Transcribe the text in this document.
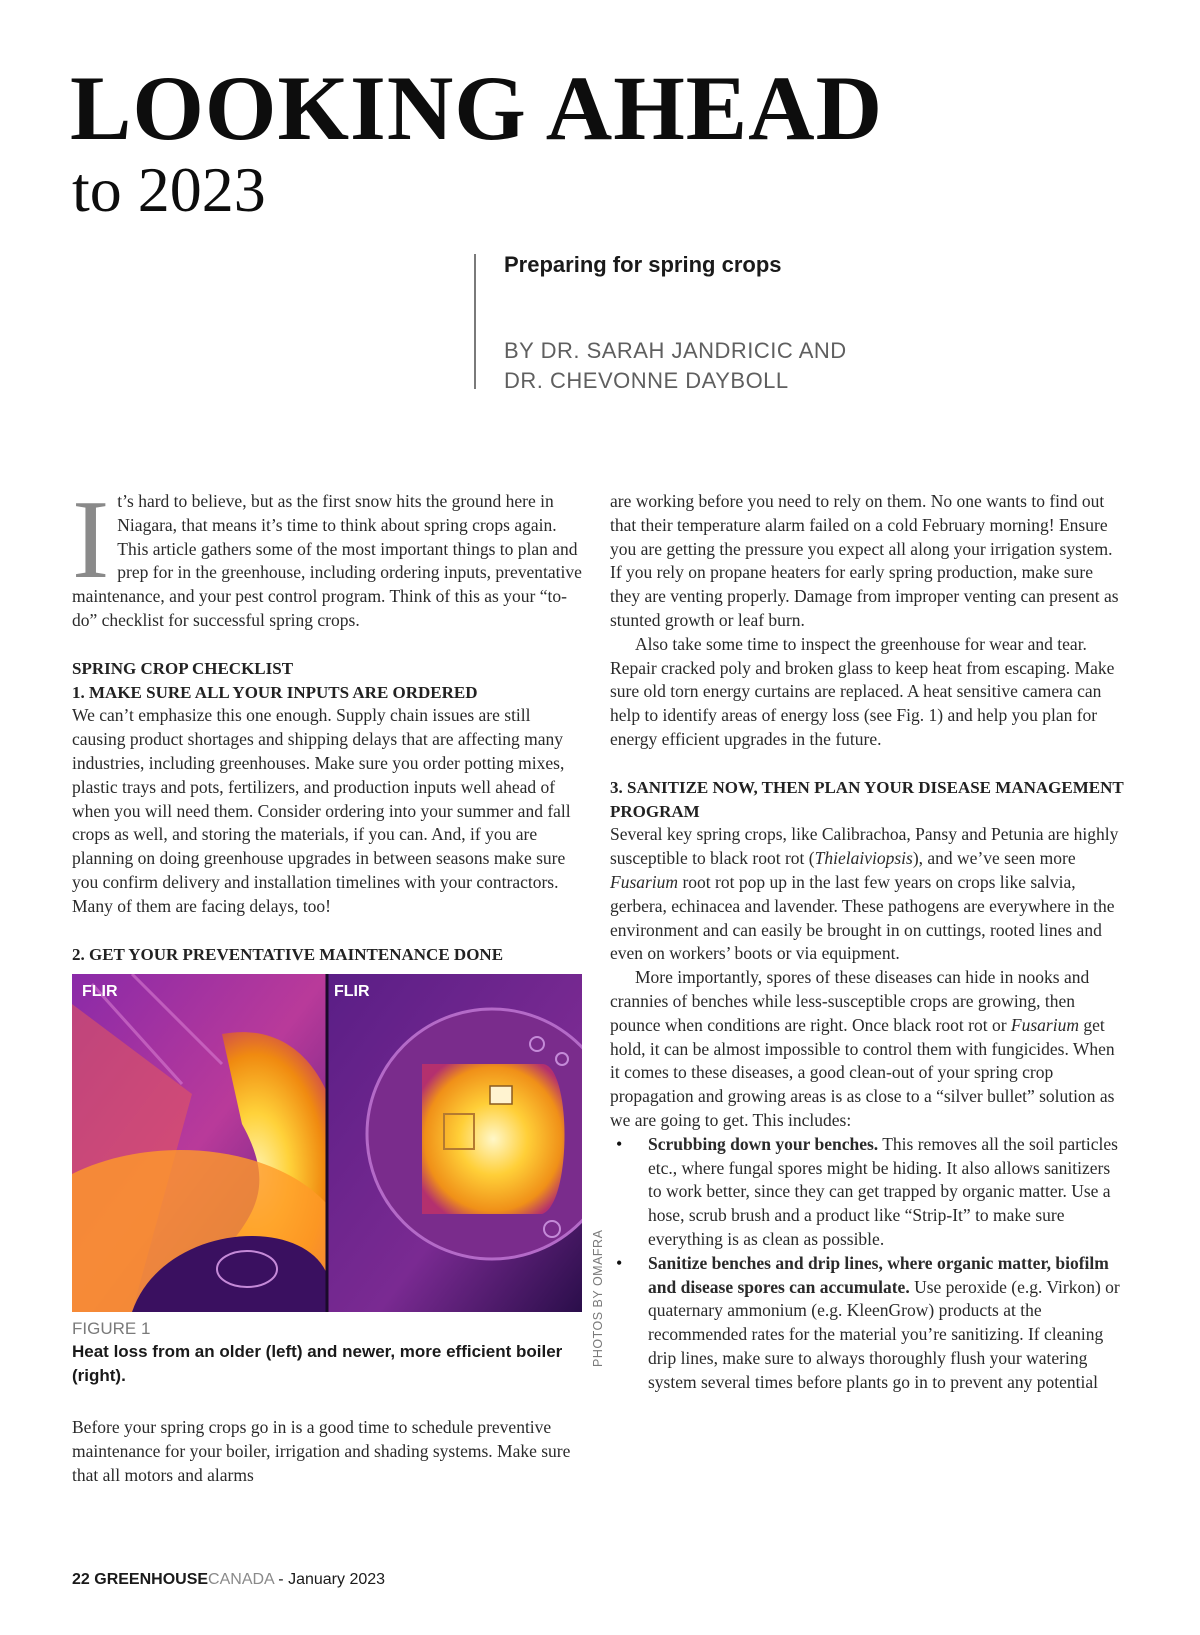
LOOKING AHEAD
to 2023

Preparing for spring crops

BY DR. SARAH JANDRICIC AND
DR. CHEVONNE DAYBOLL

It’s hard to believe, but as the first snow hits the ground here in Niagara, that means it’s time to think about spring crops again. This article gathers some of the most important things to plan and prep for in the greenhouse, including ordering inputs, preventative maintenance, and your pest control program. Think of this as your “to-do” checklist for successful spring crops.

SPRING CROP CHECKLIST

1. MAKE SURE ALL YOUR INPUTS ARE ORDERED

We can’t emphasize this one enough. Supply chain issues are still causing product shortages and shipping delays that are affecting many industries, including greenhouses. Make sure you order potting mixes, plastic trays and pots, fertilizers, and production inputs well ahead of when you will need them. Consider ordering into your summer and fall crops as well, and storing the materials, if you can. And, if you are planning on doing greenhouse upgrades in between seasons make sure you confirm delivery and installation timelines with your contractors. Many of them are facing delays, too!

2. GET YOUR PREVENTATIVE MAINTENANCE DONE

FLIR	FLIR
FIGURE 1
Heat loss from an older (left) and newer, more efficient boiler (right).

Before your spring crops go in is a good time to schedule preventive maintenance for your boiler, irrigation and shading systems. Make sure that all motors and alarms

PHOTOS BY OMAFRA

are working before you need to rely on them. No one wants to find out that their temperature alarm failed on a cold February morning! Ensure you are getting the pressure you expect all along your irrigation system. If you rely on propane heaters for early spring production, make sure they are venting properly. Damage from improper venting can present as stunted growth or leaf burn.

Also take some time to inspect the greenhouse for wear and tear. Repair cracked poly and broken glass to keep heat from escaping. Make sure old torn energy curtains are replaced. A heat sensitive camera can help to identify areas of energy loss (see Fig. 1) and help you plan for energy efficient upgrades in the future.

3. SANITIZE NOW, THEN PLAN YOUR DISEASE MANAGEMENT PROGRAM

Several key spring crops, like Calibrachoa, Pansy and Petunia are highly susceptible to black root rot (Thielaiviopsis), and we’ve seen more Fusarium root rot pop up in the last few years on crops like salvia, gerbera, echinacea and lavender. These pathogens are everywhere in the environment and can easily be brought in on cuttings, rooted lines and even on workers’ boots or via equipment.

More importantly, spores of these diseases can hide in nooks and crannies of benches while less-susceptible crops are growing, then pounce when conditions are right. Once black root rot or Fusarium get hold, it can be almost impossible to control them with fungicides. When it comes to these diseases, a good clean-out of your spring crop propagation and growing areas is as close to a “silver bullet” solution as we are going to get. This includes:

• Scrubbing down your benches. This removes all the soil particles etc., where fungal spores might be hiding. It also allows sanitizers to work better, since they can get trapped by organic matter. Use a hose, scrub brush and a product like “Strip-It” to make sure everything is as clean as possible.
• Sanitize benches and drip lines, where organic matter, biofilm and disease spores can accumulate. Use peroxide (e.g. Virkon) or quaternary ammonium (e.g. KleenGrow) products at the recommended rates for the material you’re sanitizing. If cleaning drip lines, make sure to always thoroughly flush your watering system several times before plants go in to prevent any potential
22 GREENHOUSECANADA - January 2023
